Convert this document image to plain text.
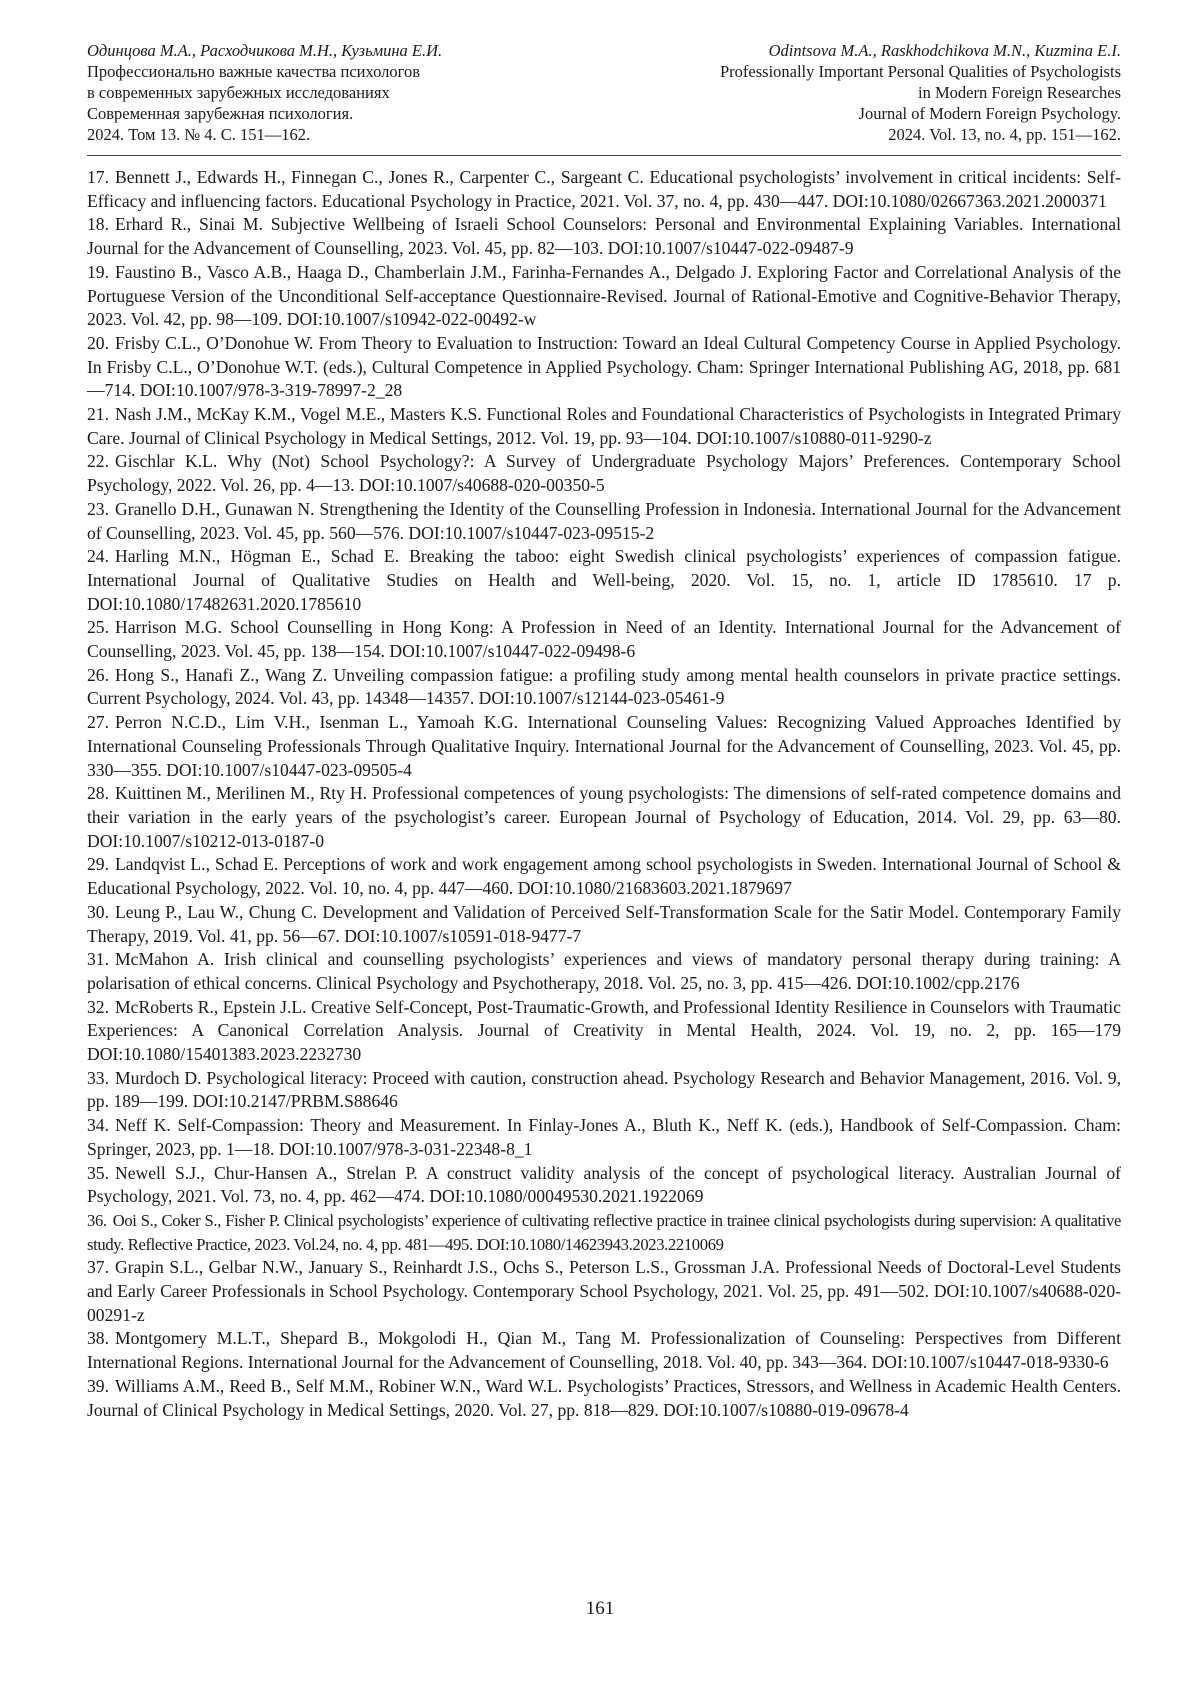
Одинцова М.А., Расходчикова М.Н., Кузьмина Е.И.
Профессионально важные качества психологов
в современных зарубежных исследованиях
Современная зарубежная психология.
2024. Том 13. № 4. С. 151—162.
Odintsova M.A., Raskhodchikova M.N., Kuzmina E.I.
Professionally Important Personal Qualities of Psychologists
in Modern Foreign Researches
Journal of Modern Foreign Psychology.
2024. Vol. 13, no. 4, pp. 151—162.

17. Bennett J., Edwards H., Finnegan C., Jones R., Carpenter C., Sargeant C. Educational psychologists’ involvement in critical incidents: Self-Efficacy and influencing factors. Educational Psychology in Practice, 2021. Vol. 37, no. 4, pp. 430—447. DOI:10.1080/02667363.2021.2000371

18. Erhard R., Sinai M. Subjective Wellbeing of Israeli School Counselors: Personal and Environmental Explaining Variables. International Journal for the Advancement of Counselling, 2023. Vol. 45, pp. 82—103. DOI:10.1007/s10447-022-09487-9

19. Faustino B., Vasco A.B., Haaga D., Chamberlain J.M., Farinha-Fernandes A., Delgado J. Exploring Factor and Correlational Analysis of the Portuguese Version of the Unconditional Self-acceptance Questionnaire-Revised. Journal of Rational-Emotive and Cognitive-Behavior Therapy, 2023. Vol. 42, pp. 98—109. DOI:10.1007/s10942-022-00492-w

20. Frisby C.L., O’Donohue W. From Theory to Evaluation to Instruction: Toward an Ideal Cultural Competency Course in Applied Psychology. In Frisby C.L., O’Donohue W.T. (eds.), Cultural Competence in Applied Psychology. Cham: Springer International Publishing AG, 2018, pp. 681—714. DOI:10.1007/978-3-319-78997-2_28

21. Nash J.M., McKay K.M., Vogel M.E., Masters K.S. Functional Roles and Foundational Characteristics of Psychologists in Integrated Primary Care. Journal of Clinical Psychology in Medical Settings, 2012. Vol. 19, pp. 93—104. DOI:10.1007/s10880-011-9290-z

22. Gischlar K.L. Why (Not) School Psychology?: A Survey of Undergraduate Psychology Majors’ Preferences. Contemporary School Psychology, 2022. Vol. 26, pp. 4—13. DOI:10.1007/s40688-020-00350-5

23. Granello D.H., Gunawan N. Strengthening the Identity of the Counselling Profession in Indonesia. International Journal for the Advancement of Counselling, 2023. Vol. 45, pp. 560—576. DOI:10.1007/s10447-023-09515-2

24. Harling M.N., Högman E., Schad E. Breaking the taboo: eight Swedish clinical psychologists’ experiences of compassion fatigue. International Journal of Qualitative Studies on Health and Well-being, 2020. Vol. 15, no. 1, article ID 1785610. 17 p. DOI:10.1080/17482631.2020.1785610

25. Harrison M.G. School Counselling in Hong Kong: A Profession in Need of an Identity. International Journal for the Advancement of Counselling, 2023. Vol. 45, pp. 138—154. DOI:10.1007/s10447-022-09498-6

26. Hong S., Hanafi Z., Wang Z. Unveiling compassion fatigue: a profiling study among mental health counselors in private practice settings. Current Psychology, 2024. Vol. 43, pp. 14348—14357. DOI:10.1007/s12144-023-05461-9

27. Perron N.C.D., Lim V.H., Isenman L., Yamoah K.G. International Counseling Values: Recognizing Valued Approaches Identified by International Counseling Professionals Through Qualitative Inquiry. International Journal for the Advancement of Counselling, 2023. Vol. 45, pp. 330—355. DOI:10.1007/s10447-023-09505-4

28. Kuittinen M., Merilinen M., Rty H. Professional competences of young psychologists: The dimensions of self-rated competence domains and their variation in the early years of the psychologist’s career. European Journal of Psychology of Education, 2014. Vol. 29, pp. 63—80. DOI:10.1007/s10212-013-0187-0

29. Landqvist L., Schad E. Perceptions of work and work engagement among school psychologists in Sweden. International Journal of School & Educational Psychology, 2022. Vol. 10, no. 4, pp. 447—460. DOI:10.1080/21683603.2021.1879697

30. Leung P., Lau W., Chung C. Development and Validation of Perceived Self-Transformation Scale for the Satir Model. Contemporary Family Therapy, 2019. Vol. 41, pp. 56—67. DOI:10.1007/s10591-018-9477-7

31. McMahon A. Irish clinical and counselling psychologists’ experiences and views of mandatory personal therapy during training: A polarisation of ethical concerns. Clinical Psychology and Psychotherapy, 2018. Vol. 25, no. 3, pp. 415—426. DOI:10.1002/cpp.2176

32. McRoberts R., Epstein J.L. Creative Self-Concept, Post-Traumatic-Growth, and Professional Identity Resilience in Counselors with Traumatic Experiences: A Canonical Correlation Analysis. Journal of Creativity in Mental Health, 2024. Vol. 19, no. 2, pp. 165—179 DOI:10.1080/15401383.2023.2232730

33. Murdoch D. Psychological literacy: Proceed with caution, construction ahead. Psychology Research and Behavior Management, 2016. Vol. 9, pp. 189—199. DOI:10.2147/PRBM.S88646

34. Neff K. Self-Compassion: Theory and Measurement. In Finlay-Jones A., Bluth K., Neff K. (eds.), Handbook of Self-Compassion. Cham: Springer, 2023, pp. 1—18. DOI:10.1007/978-3-031-22348-8_1

35. Newell S.J., Chur-Hansen A., Strelan P. A construct validity analysis of the concept of psychological literacy. Australian Journal of Psychology, 2021. Vol. 73, no. 4, pp. 462—474. DOI:10.1080/00049530.2021.1922069

36. Ooi S., Coker S., Fisher P. Clinical psychologists’ experience of cultivating reflective practice in trainee clinical psychologists during supervision: A qualitative study. Reflective Practice, 2023. Vol.24, no. 4, pp. 481—495. DOI:10.1080/14623943.2023.2210069

37. Grapin S.L., Gelbar N.W., January S., Reinhardt J.S., Ochs S., Peterson L.S., Grossman J.A. Professional Needs of Doctoral-Level Students and Early Career Professionals in School Psychology. Contemporary School Psychology, 2021. Vol. 25, pp. 491—502. DOI:10.1007/s40688-020-00291-z

38. Montgomery M.L.T., Shepard B., Mokgolodi H., Qian M., Tang M. Professionalization of Counseling: Perspectives from Different International Regions. International Journal for the Advancement of Counselling, 2018. Vol. 40, pp. 343—364. DOI:10.1007/s10447-018-9330-6

39. Williams A.M., Reed B., Self M.M., Robiner W.N., Ward W.L. Psychologists’ Practices, Stressors, and Wellness in Academic Health Centers. Journal of Clinical Psychology in Medical Settings, 2020. Vol. 27, pp. 818—829. DOI:10.1007/s10880-019-09678-4

161
